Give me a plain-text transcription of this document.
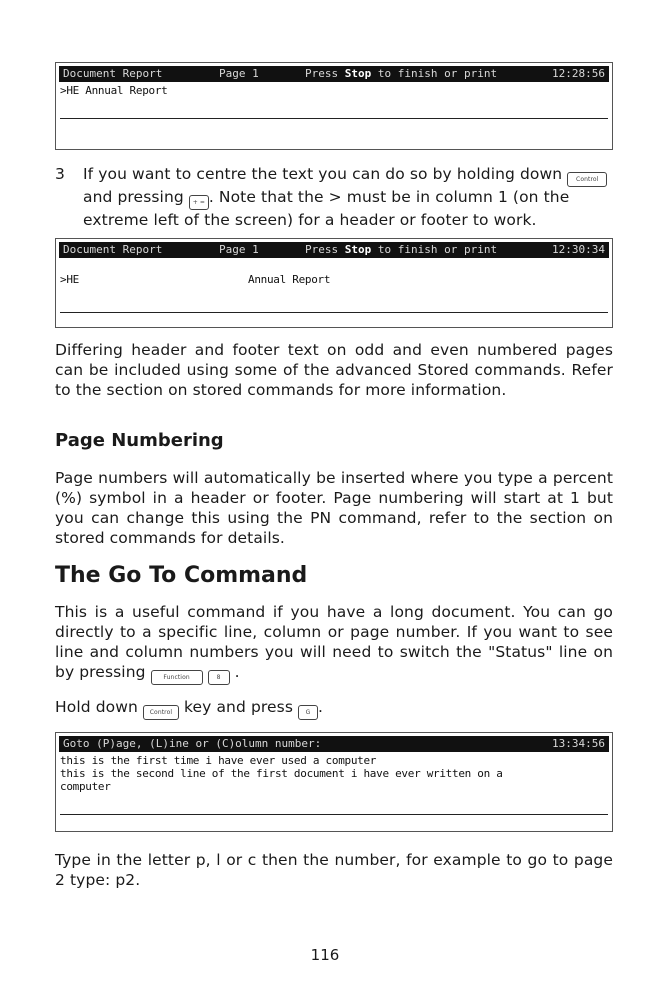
Document Report

	Page 1

	Press Stop to finish or print

	12:28:56

>HE Annual Report
3 If you want to centre the text you can do so by holding down Control and pressing + = . Note that the > must be in column 1 (on the extreme left of the screen) for a header or footer to work.

Document Report

	Page 1

	Press Stop to finish or print

	12:30:34

>HE	Annual Report
Differing header and footer text on odd and even numbered pages can be included using some of the advanced Stored commands. Refer to the section on stored commands for more information.
Page Numbering
Page numbers will automatically be inserted where you type a percent (%) symbol in a header or footer. Page numbering will start at 1 but you can change this using the PN command, refer to the section on stored commands for details.
The Go To Command
This is a useful command if you have a long document. You can go directly to a specific line, column or page number. If you want to see line and column numbers you will need to switch the "Status" line on by pressing Function	8 .
Hold down Control key and press G .

Goto (P)age, (L)ine or (C)olumn number:

	13:34:56

this is the first time i have ever used a computer
this is the second line of the first document i have ever written on a
computer
Type in the letter p, l or c then the number, for example to go to page 2 type: p2.
116
